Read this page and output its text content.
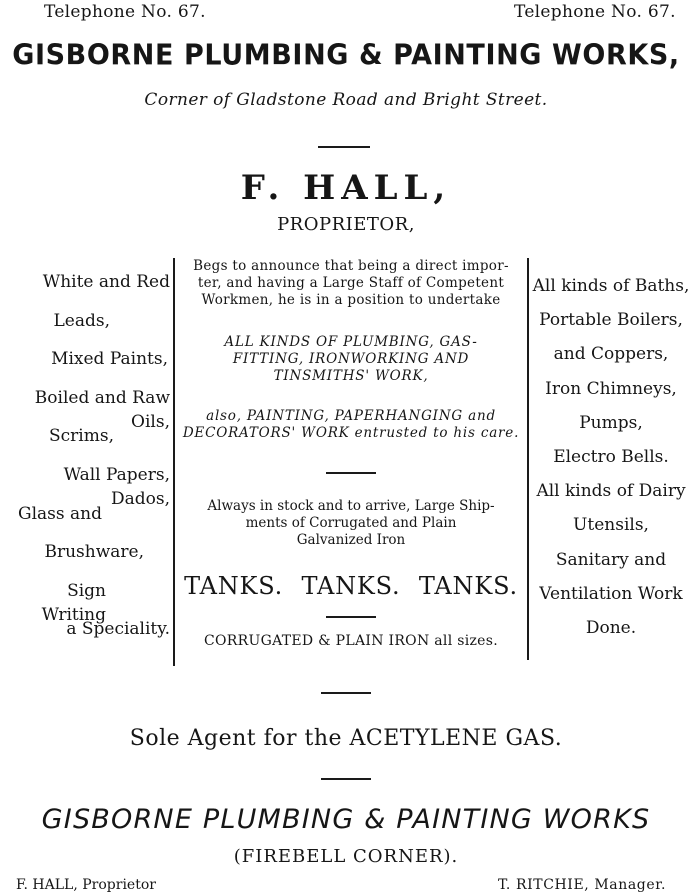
Telephone No. 67.	Telephone No. 67.
GISBORNE PLUMBING & PAINTING WORKS,
Corner of Gladstone Road and Bright Street.
F. HALL,
PROPRIETOR,
White and Red
Leads,
Mixed Paints,
Boiled and Raw Oils,
Scrims,
Wall Papers, Dados,
Glass and
Brushware,
Sign Writing
a Speciality.
Begs to announce that being a direct impor-
ter, and having a Large Staff of Competent
Workmen, he is in a position to undertake
ALL KINDS OF PLUMBING, GAS-
FITTING, IRONWORKING AND
TINSMITHS' WORK,
also, PAINTING, PAPERHANGING and
DECORATORS' WORK entrusted to his care.
Always in stock and to arrive, Large Ship-
ments of Corrugated and Plain
Galvanized Iron
TANKS. TANKS. TANKS.
CORRUGATED & PLAIN IRON all sizes.
All kinds of Baths,
Portable Boilers,
and Coppers,
Iron Chimneys,
Pumps,
Electro Bells.
All kinds of Dairy
Utensils,
Sanitary and
Ventilation Work
Done.
Sole Agent for the ACETYLENE GAS.
GISBORNE PLUMBING & PAINTING WORKS
(FIREBELL CORNER).
F. HALL, Proprietor	T. RITCHIE, Manager.
